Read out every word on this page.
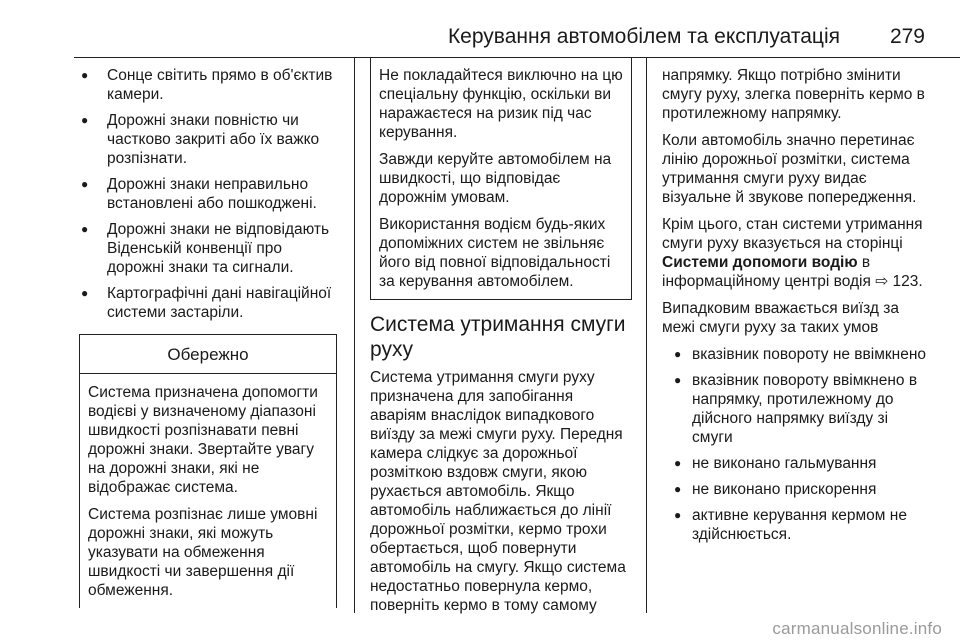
Керування автомобілем та експлуатація 279
● Сонце світить прямо в об'єктив камери.
● Дорожні знаки повністю чи частково закриті або їх важко розпізнати.
● Дорожні знаки неправильно встановлені або пошкоджені.
● Дорожні знаки не відповідають Віденській конвенції про дорожні знаки та сигнали.
● Картографічні дані навігаційної системи застаріли.
Обережно

Система призначена допомогти водієві у визначеному діапазоні швидкості розпізнавати певні дорожні знаки. Звертайте увагу на дорожні знаки, які не відображає система.

Система розпізнає лише умовні дорожні знаки, які можуть указувати на обмеження швидкості чи завершення дії обмеження.

Не покладайтеся виключно на цю спеціальну функцію, оскільки ви наражаєтеся на ризик під час керування.

Завжди керуйте автомобілем на швидкості, що відповідає дорожнім умовам.

Використання водієм будь-яких допоміжних систем не звільняє його від повної відповідальності за керування автомобілем.

Система утримання смуги руху

Система утримання смуги руху призначена для запобігання аваріям внаслідок випадкового виїзду за межі смуги руху. Передня камера слідкує за дорожньої розміткою вздовж смуги, якою рухається автомобіль. Якщо автомобіль наближається до лінії дорожньої розмітки, кермо трохи обертається, щоб повернути автомобіль на смугу. Якщо система недостатньо повернула кермо, поверніть кермо в тому самому

напрямку. Якщо потрібно змінити смугу руху, злегка поверніть кермо в протилежному напрямку.

Коли автомобіль значно перетинає лінію дорожньої розмітки, система утримання смуги руху видає візуальне й звукове попередження.

Крім цього, стан системи утримання смуги руху вказується на сторінці Системи допомоги водію в інформаційному центрі водія ⇨ 123.

Випадковим вважається виїзд за межі смуги руху за таких умов

● вказівник повороту не ввімкнено
● вказівник повороту ввімкнено в напрямку, протилежному до дійсного напрямку виїзду зі смуги
● не виконано гальмування
● не виконано прискорення
● активне керування кермом не здійснюється.
carmanualsonline.info
